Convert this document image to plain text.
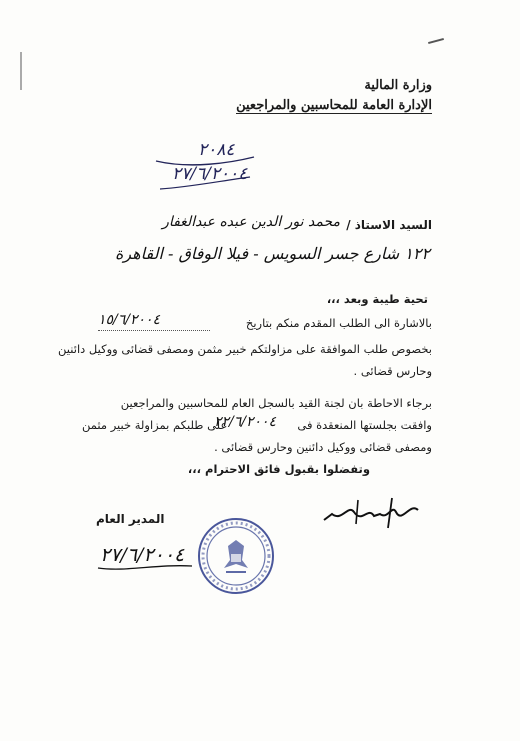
وزارة المالية
الإدارة العامة للمحاسبين والمراجعين
٢٠٨٤
٢٧/٦/٢٠٠٤
السيد الاستاذ /
محمد نور الدين عبده عبدالغفار
١٢٢ شارع جسر السويس - فيلا الوفاق - القاهرة
تحية طيبة وبعد ،،،
بالاشارة الى الطلب المقدم منكم بتاريخ
١٥/٦/٢٠٠٤
بخصوص طلب الموافقة على مزاولتكم خبير مثمن ومصفى قضائى ووكيل دائنين
وحارس قضائى .
برجاء الاحاطة بان لجنة القيد بالسجل العام للمحاسبين والمراجعين
وافقت بجلستها المنعقدة فى
٢٢/٦/٢٠٠٤
على طلبكم بمزاولة خبير مثمن
ومصفى قضائى ووكيل دائنين وحارس قضائى .
وتفضلوا بقبول فائق الاحترام ،،،
المدير العام
٢٧/٦/٢٠٠٤
